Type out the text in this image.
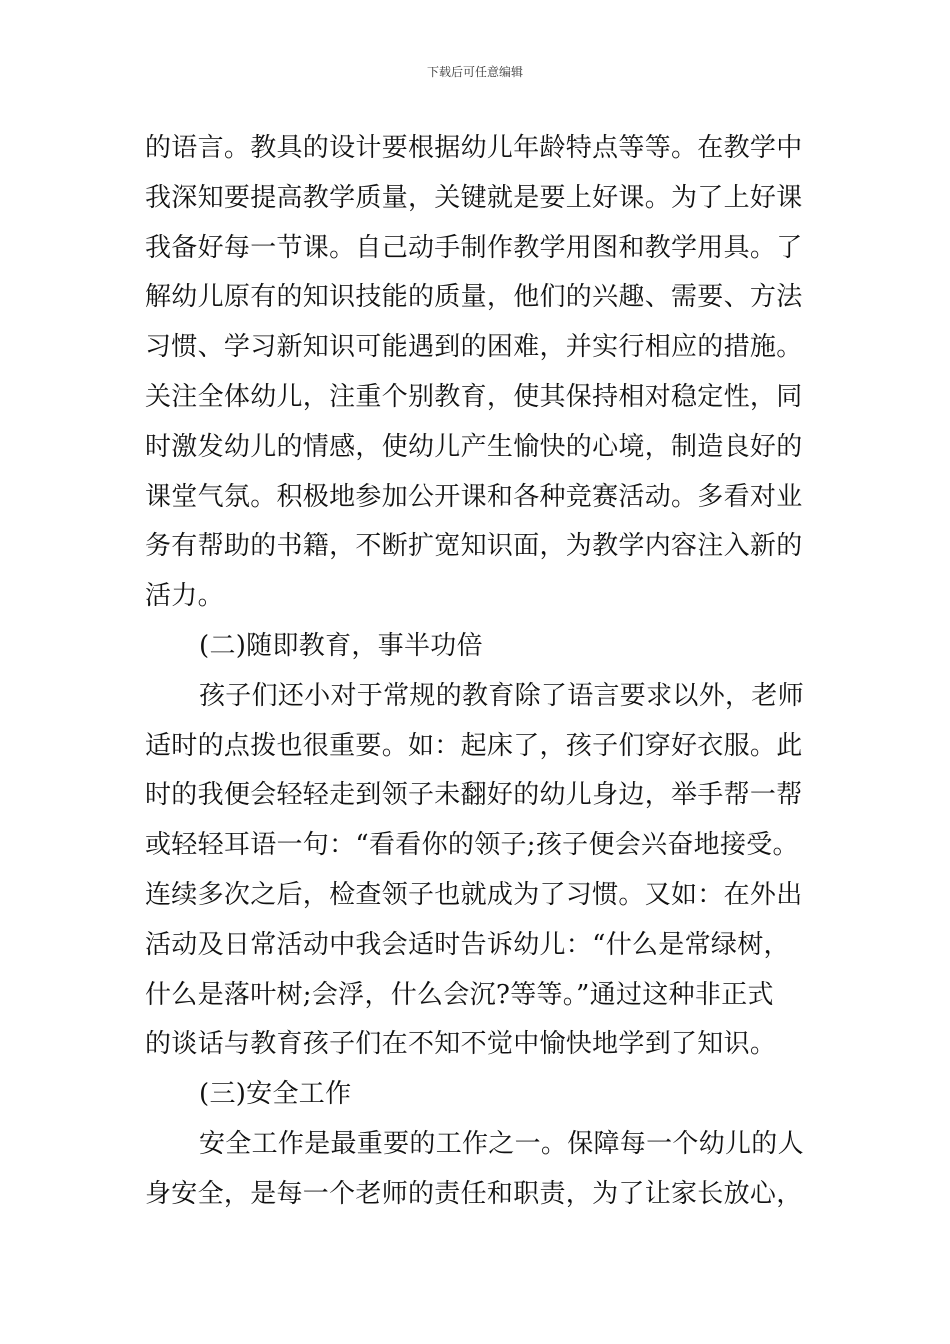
下载后可任意编辑
的语言。教具的设计要根据幼儿年龄特点等等。在教学中
我深知要提高教学质量，关键就是要上好课。为了上好课
我备好每一节课。自己动手制作教学用图和教学用具。了
解幼儿原有的知识技能的质量，他们的兴趣、需要、方法
习惯、学习新知识可能遇到的困难，并实行相应的措施。
关注全体幼儿，注重个别教育，使其保持相对稳定性，同
时激发幼儿的情感，使幼儿产生愉快的心境，制造良好的
课堂气氛。积极地参加公开课和各种竞赛活动。多看对业
务有帮助的书籍，不断扩宽知识面，为教学内容注入新的
活力。
(二)随即教育，事半功倍
孩子们还小对于常规的教育除了语言要求以外，老师
适时的点拨也很重要。如：起床了，孩子们穿好衣服。此
时的我便会轻轻走到领子未翻好的幼儿身边，举手帮一帮
或轻轻耳语一句：“看看你的领子;孩子便会兴奋地接受。
连续多次之后，检查领子也就成为了习惯。又如：在外出
活动及日常活动中我会适时告诉幼儿：“什么是常绿树，
什么是落叶树;会浮，什么会沉?等等。”通过这种非正式
的谈话与教育孩子们在不知不觉中愉快地学到了知识。
(三)安全工作
安全工作是最重要的工作之一。保障每一个幼儿的人
身安全，是每一个老师的责任和职责，为了让家长放心，
